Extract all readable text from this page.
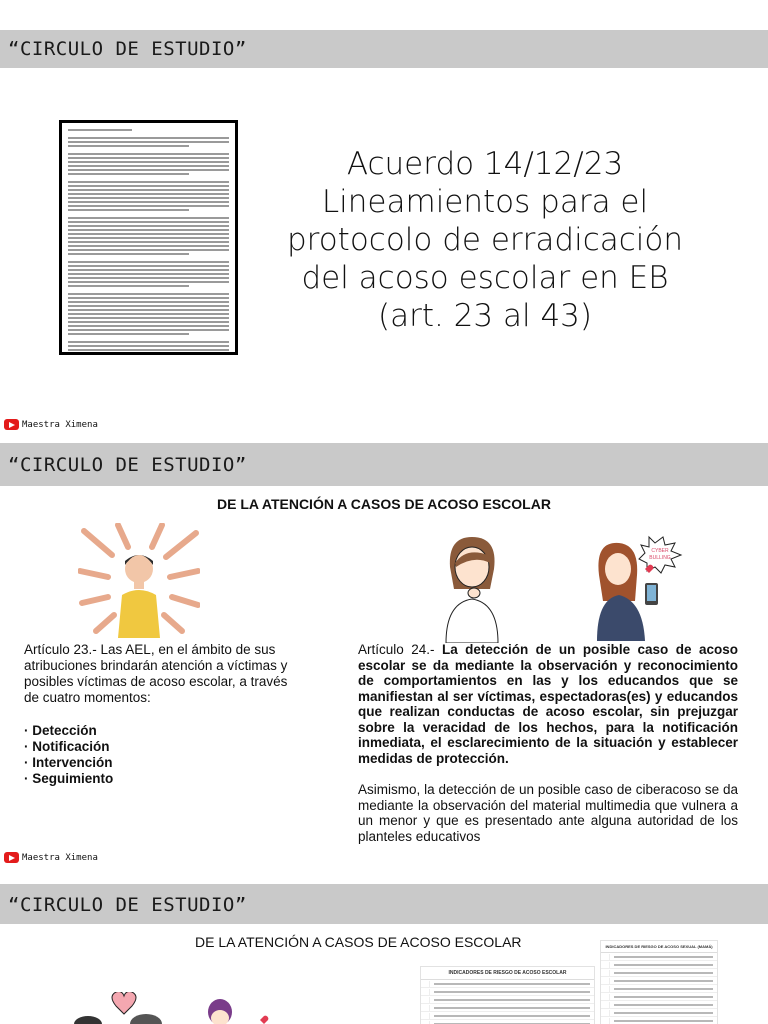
“CIRCULO DE ESTUDIO”
Acuerdo 14/12/23
Lineamientos para el
protocolo de erradicación
del acoso escolar en EB
(art. 23 al 43)
Maestra Ximena
“CIRCULO DE ESTUDIO”
DE LA ATENCIÓN A CASOS DE ACOSO ESCOLAR
CYBER
BULLING

Artículo 23.- Las AEL, en el ámbito de sus atribuciones brindarán atención a víctimas y posibles víctimas de acoso escolar, a través de cuatro momentos:

· Detección
· Notificación
· Intervención
· Seguimiento

Artículo 24.- La detección de un posible caso de acoso escolar se da mediante la observación y reconocimiento de comportamientos en las y los educandos que se manifiestan al ser víctimas, espectadoras(es) y educandos que realizan conductas de acoso escolar, sin prejuzgar sobre la veracidad de los hechos, para la notificación inmediata, el esclarecimiento de la situación y establecer medidas de protección.

Asimismo, la detección de un posible caso de ciberacoso se da mediante la observación del material multimedia que vulnera a un menor y que es presentado ante alguna autoridad de los planteles educativos

Maestra Ximena
“CIRCULO DE ESTUDIO”
DE LA ATENCIÓN A CASOS DE ACOSO ESCOLAR
INDICADORES DE RIESGO DE ACOSO ESCOLAR
INDICADORES DE RIESGO DE ACOSO SEXUAL (MAMÁ)
